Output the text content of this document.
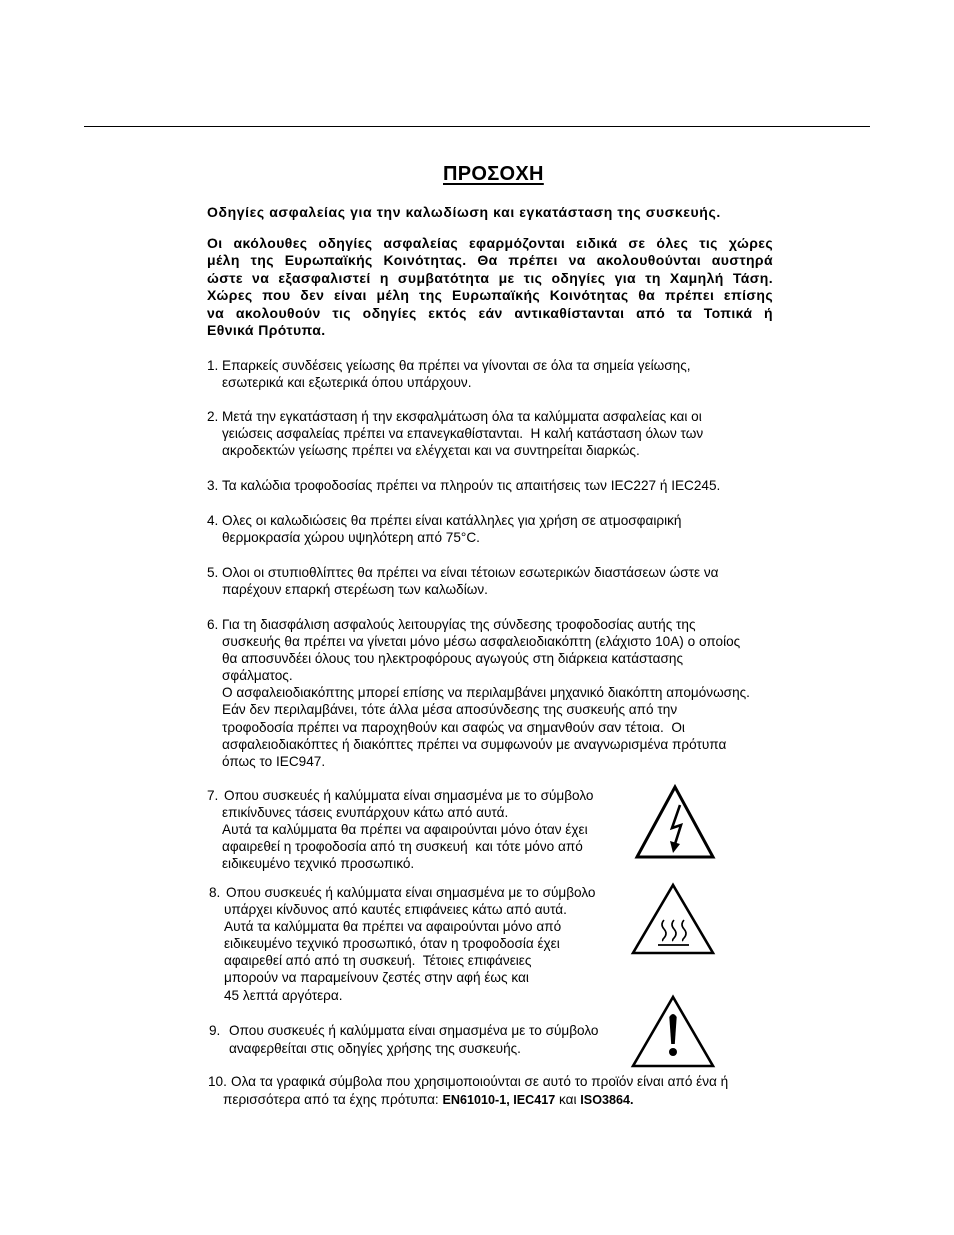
ΠΡΟΣΟΧΗ
Οδηγίες ασφαλείας για την καλωδίωση και εγκατάσταση της συσκευής.
Οι ακόλουθες οδηγίες ασφαλείας εφαρμόζονται ειδικά σε όλες τις χώρες
μέλη της Ευρωπαϊκής Κοινότητας. Θα πρέπει να ακολουθούνται αυστηρά
ώστε να εξασφαλιστεί η συμβατότητα με τις οδηγίες για τη Χαμηλή Τάση.
Χώρες που δεν είναι μέλη της Ευρωπαϊκής Κοινότητας θα πρέπει επίσης
να ακολουθούν τις οδηγίες εκτός εάν αντικαθίστανται από τα Τοπικά ή
Εθνικά Πρότυπα.
1. Επαρκείς συνδέσεις γείωσης θα πρέπει να γίνονται σε όλα τα σημεία γείωσης,
εσωτερικά και εξωτερικά όπου υπάρχουν.
2. Μετά την εγκατάσταση ή την εκσφαλμάτωση όλα τα καλύμματα ασφαλείας και οι
γειώσεις ασφαλείας πρέπει να επανεγκαθίστανται.  Η καλή κατάσταση όλων των
ακροδεκτών γείωσης πρέπει να ελέγχεται και να συντηρείται διαρκώς.
3. Τα καλώδια τροφοδοσίας πρέπει να πληρούν τις απαιτήσεις των IEC227 ή IEC245.
4. Ολες οι καλωδιώσεις θα πρέπει είναι κατάλληλες για χρήση σε ατμοσφαιρική
θερμοκρασία χώρου υψηλότερη από 75°C.
5. Ολοι οι στυπιοθλίπτες θα πρέπει να είναι τέτοιων εσωτερικών διαστάσεων ώστε να
παρέχουν επαρκή στερέωση των καλωδίων.
6. Για τη διασφάλιση ασφαλούς λειτουργίας της σύνδεσης τροφοδοσίας αυτής της
συσκευής θα πρέπει να γίνεται μόνο μέσω ασφαλειοδιακόπτη (ελάχιστο 10A) ο οποίος
θα αποσυνδέει όλους του ηλεκτροφόρους αγωγούς στη διάρκεια κατάστασης
σφάλματος.
Ο ασφαλειοδιακόπτης μπορεί επίσης να περιλαμβάνει μηχανικό διακόπτη απομόνωσης.
Εάν δεν περιλαμβάνει, τότε άλλα μέσα αποσύνδεσης της συσκευής από την
τροφοδοσία πρέπει να παροχηθούν και σαφώς να σημανθούν σαν τέτοια.  Οι
ασφαλειοδιακόπτες ή διακόπτες πρέπει να συμφωνούν με αναγνωρισμένα πρότυπα
όπως το IEC947.
7. Οπου συσκευές ή καλύμματα είναι σημασμένα με το σύμβολο
επικίνδυνες τάσεις ενυπάρχουν κάτω από αυτά.
Αυτά τα καλύμματα θα πρέπει να αφαιρούνται μόνο όταν έχει
αφαιρεθεί η τροφοδοσία από τη συσκευή  και τότε μόνο από
ειδικευμένο τεχνικό προσωπικό.
8. Οπου συσκευές ή καλύμματα είναι σημασμένα με το σύμβολο
υπάρχει κίνδυνος από καυτές επιφάνειες κάτω από αυτά.
Αυτά τα καλύμματα θα πρέπει να αφαιρούνται μόνο από
ειδικευμένο τεχνικό προσωπικό, όταν η τροφοδοσία έχει
αφαιρεθεί από από τη συσκευή.  Τέτοιες επιφάνειες
μπορούν να παραμείνουν ζεστές στην αφή έως και
45 λεπτά αργότερα.
9. Οπου συσκευές ή καλύμματα είναι σημασμένα με το σύμβολο
αναφερθείται στις οδηγίες χρήσης της συσκευής.
10. Ολα τα γραφικά σύμβολα που χρησιμοποιούνται σε αυτό το προϊόν είναι από ένα ή
περισσότερα από τα έχης πρότυπα: EN61010-1, IEC417 και ISO3864.
